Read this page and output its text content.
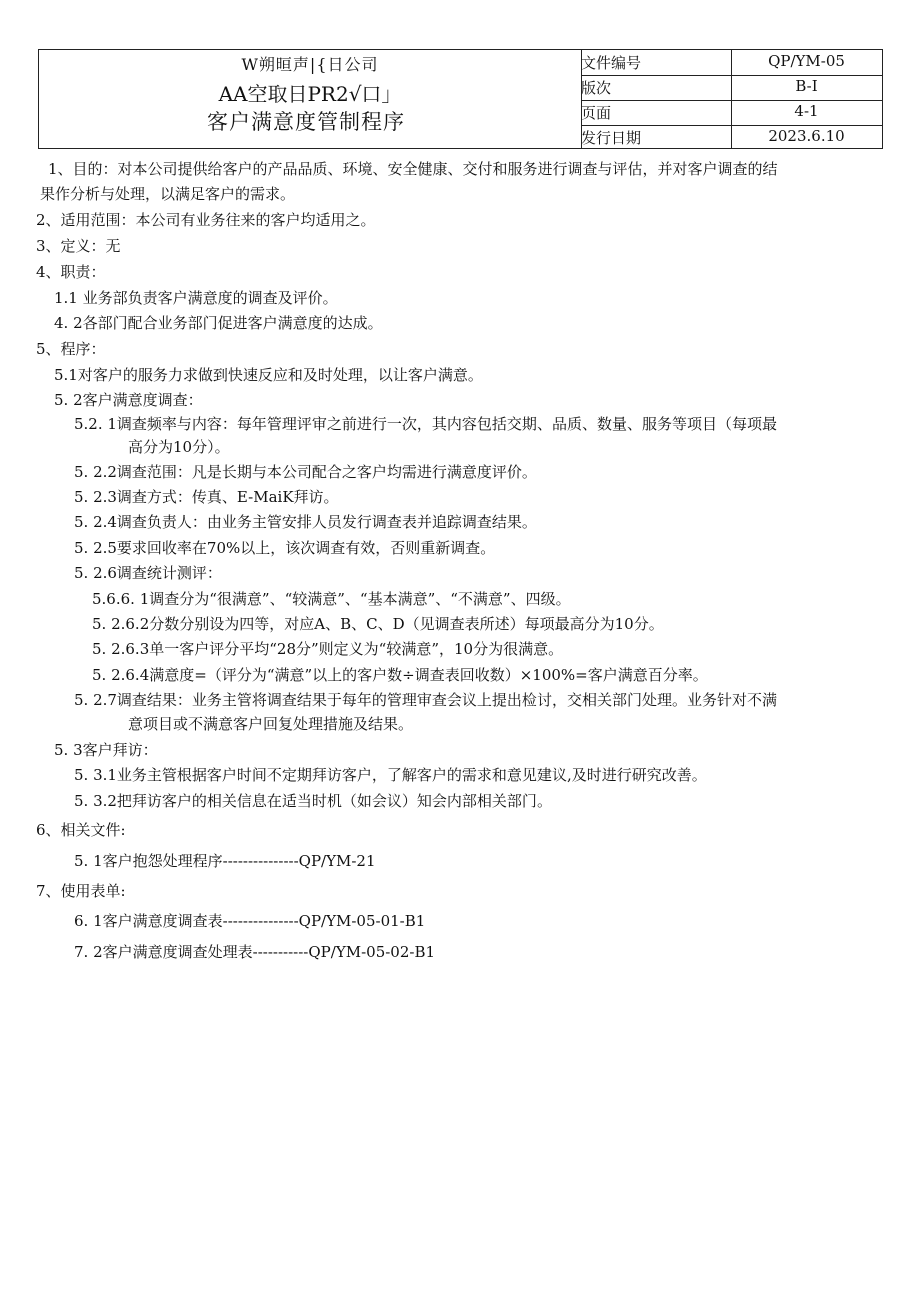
W朔晅声|{日公司
AA空取日PR2√口」
客户满意度管制程序
文件编号	QP/YM-05
版次	B-I
页面	4-1
发行日期	2023.6.10
1、目的：对本公司提供给客户的产品品质、环境、安全健康、交付和服务进行调查与评估，并对客户调查的结
果作分析与处理，以满足客户的需求。
2、适用范围：本公司有业务往来的客户均适用之。
3、定义：无
4、职责：
1.1 业务部负责客户满意度的调查及评价。
4. 2各部门配合业务部门促进客户满意度的达成。
5、程序：
5.1对客户的服务力求做到快速反应和及时处理，以让客户满意。
5. 2客户满意度调查：
5.2. 1调查频率与内容：每年管理评审之前进行一次，其内容包括交期、品质、数量、服务等项目（每项最
高分为10分）。
5. 2.2调查范围：凡是长期与本公司配合之客户均需进行满意度评价。
5. 2.3调查方式：传真、E-MaiK拜访。
5. 2.4调查负责人：由业务主管安排人员发行调查表并追踪调查结果。
5. 2.5要求回收率在70%以上，该次调查有效，否则重新调查。
5. 2.6调查统计测评：
5.6.6. 1调查分为“很满意”、“较满意”、“基本满意”、“不满意”、四级。
5. 2.6.2分数分别设为四等，对应A、B、C、D（见调查表所述）每项最高分为10分。
5. 2.6.3单一客户评分平均“28分”则定义为“较满意”，10分为很满意。
5. 2.6.4满意度=（评分为“满意”以上的客户数÷调查表回收数）×100%=客户满意百分率。
5. 2.7调查结果：业务主管将调查结果于每年的管理审查会议上提出检讨，交相关部门处理。业务针对不满
意项目或不满意客户回复处理措施及结果。
5. 3客户拜访：
5. 3.1业务主管根据客户时间不定期拜访客户，了解客户的需求和意见建议,及时进行研究改善。
5. 3.2把拜访客户的相关信息在适当时机（如会议）知会内部相关部门。
6、相关文件:
5. 1客户抱怨处理程序---------------QP/YM-21
7、使用表单:
6. 1客户满意度调查表---------------QP/YM-05-01-B1
7. 2客户满意度调查处理表-----------QP/YM-05-02-B1
